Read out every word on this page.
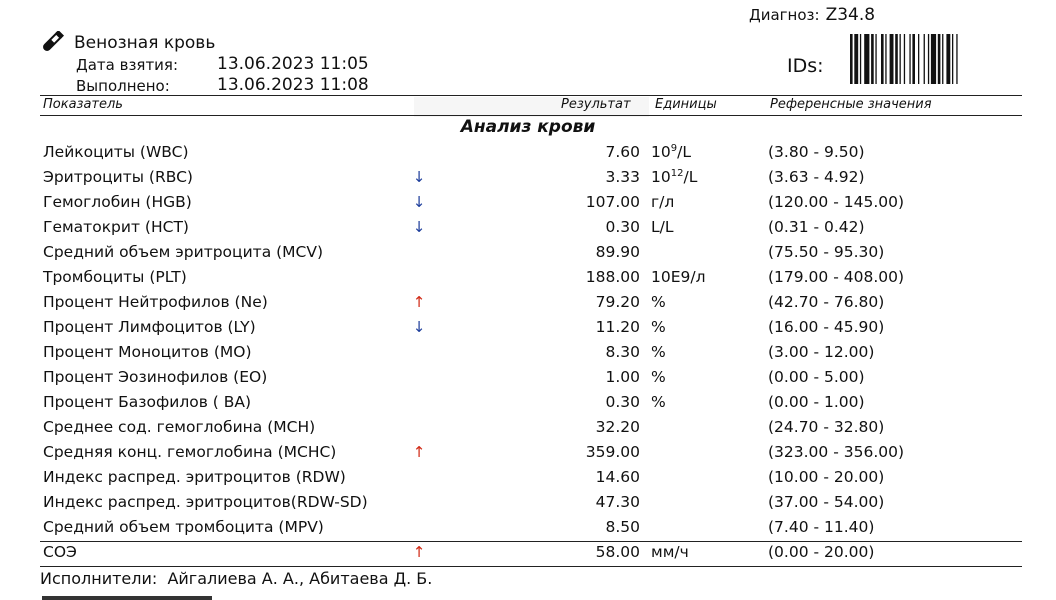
Диагноз: Z34.8
Венозная кровь
Дата взятия: 13.06.2023 11:05
Выполнено:	13.06.2023 11:08
IDs:
Показатель	Результат Единицы	Референсные значения
Анализ крови
Лейкоциты (WBC)	7.60 $10^9/L$	(3.80 - 9.50)
Эритроциты (RBC)	↓	3.33 $10^{12}/L$	(3.63 - 4.92)
Гемоглобин (HGB)	↓	107.00 г/л	(120.00 - 145.00)
Гематокрит (HCT)	↓	0.30 L/L	(0.31 - 0.42)
Средний объем эритроцита (MCV)	89.90	(75.50 - 95.30)
Тромбоциты (PLT)	188.00 10E9/л	(179.00 - 408.00)
Процент Нейтрофилов (Ne)	↑	79.20 %	(42.70 - 76.80)
Процент Лимфоцитов (LY)	↓	11.20 %	(16.00 - 45.90)
Процент Моноцитов (MO)	8.30 %	(3.00 - 12.00)
Процент Эозинофилов (EO)	1.00 %	(0.00 - 5.00)
Процент Базофилов ( BA)	0.30 %	(0.00 - 1.00)
Среднее сод. гемоглобина (MCH)	32.20	(24.70 - 32.80)
Средняя конц. гемоглобина (MCHC)	↑	359.00	(323.00 - 356.00)
Индекс распред. эритроцитов (RDW)	14.60	(10.00 - 20.00)
Индекс распред. эритроцитов(RDW-SD)	47.30	(37.00 - 54.00)
Средний объем тромбоцита (MPV)	8.50	(7.40 - 11.40)
СОЭ	↑	58.00 мм/ч	(0.00 - 20.00)
Исполнители: Айгалиева А. А., Абитаева Д. Б.
